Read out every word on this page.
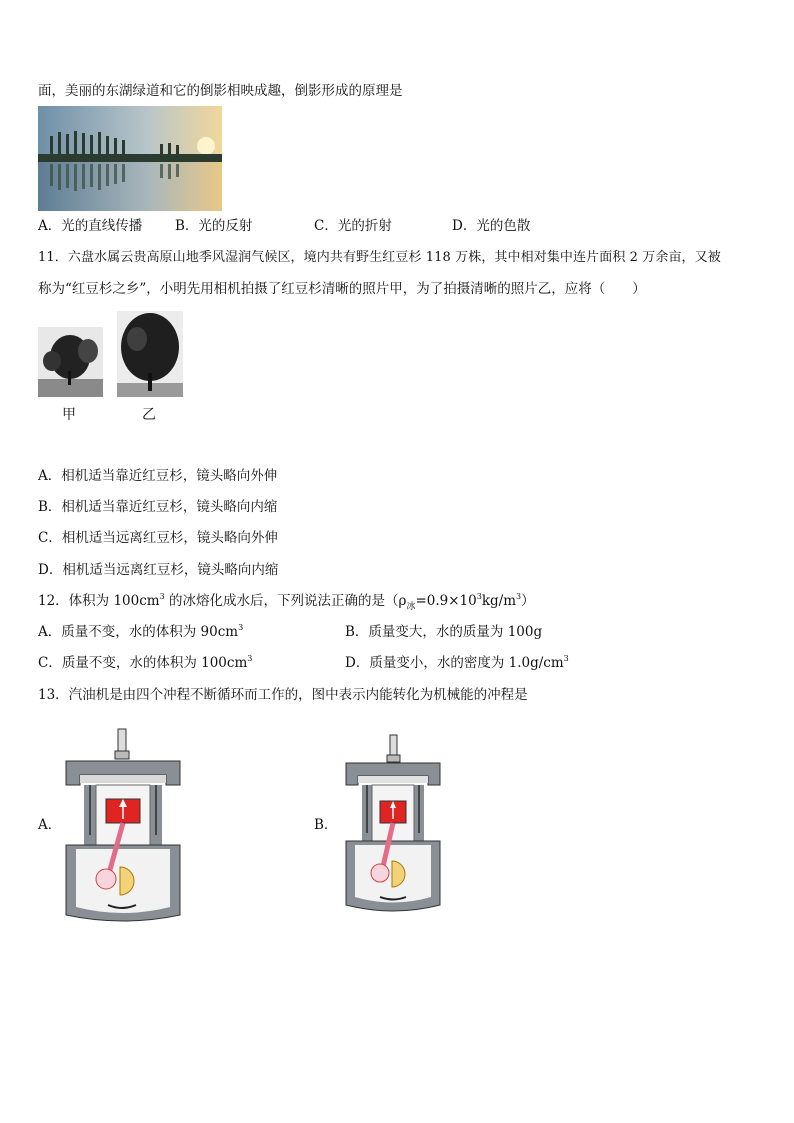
面，美丽的东湖绿道和它的倒影相映成趣，倒影形成的原理是
A．光的直线传播 B．光的反射	C．光的折射	D．光的色散
11．六盘水属云贵高原山地季风湿润气候区，境内共有野生红豆杉 118 万株，其中相对集中连片面积 2 万余亩，又被
称为“红豆杉之乡”，小明先用相机拍摄了红豆杉清晰的照片甲，为了拍摄清晰的照片乙，应将（　　）
甲	乙
A．相机适当靠近红豆杉，镜头略向外伸
B．相机适当靠近红豆杉，镜头略向内缩
C．相机适当远离红豆杉，镜头略向外伸
D．相机适当远离红豆杉，镜头略向内缩
12．体积为 $100cm^3$ 的冰熔化成水后，下列说法正确的是$(\rho_冰=0.9\times 10^3kg/m^3)$
A．质量不变，水的体积为 $90cm^3$	B．质量变大，水的质量为 100g
C．质量不变，水的体积为 $100cm^3$	D．质量变小，水的密度为 $1.0g/cm^3$
13．汽油机是由四个冲程不断循环而工作的，图中表示内能转化为机械能的冲程是
A．	B．
